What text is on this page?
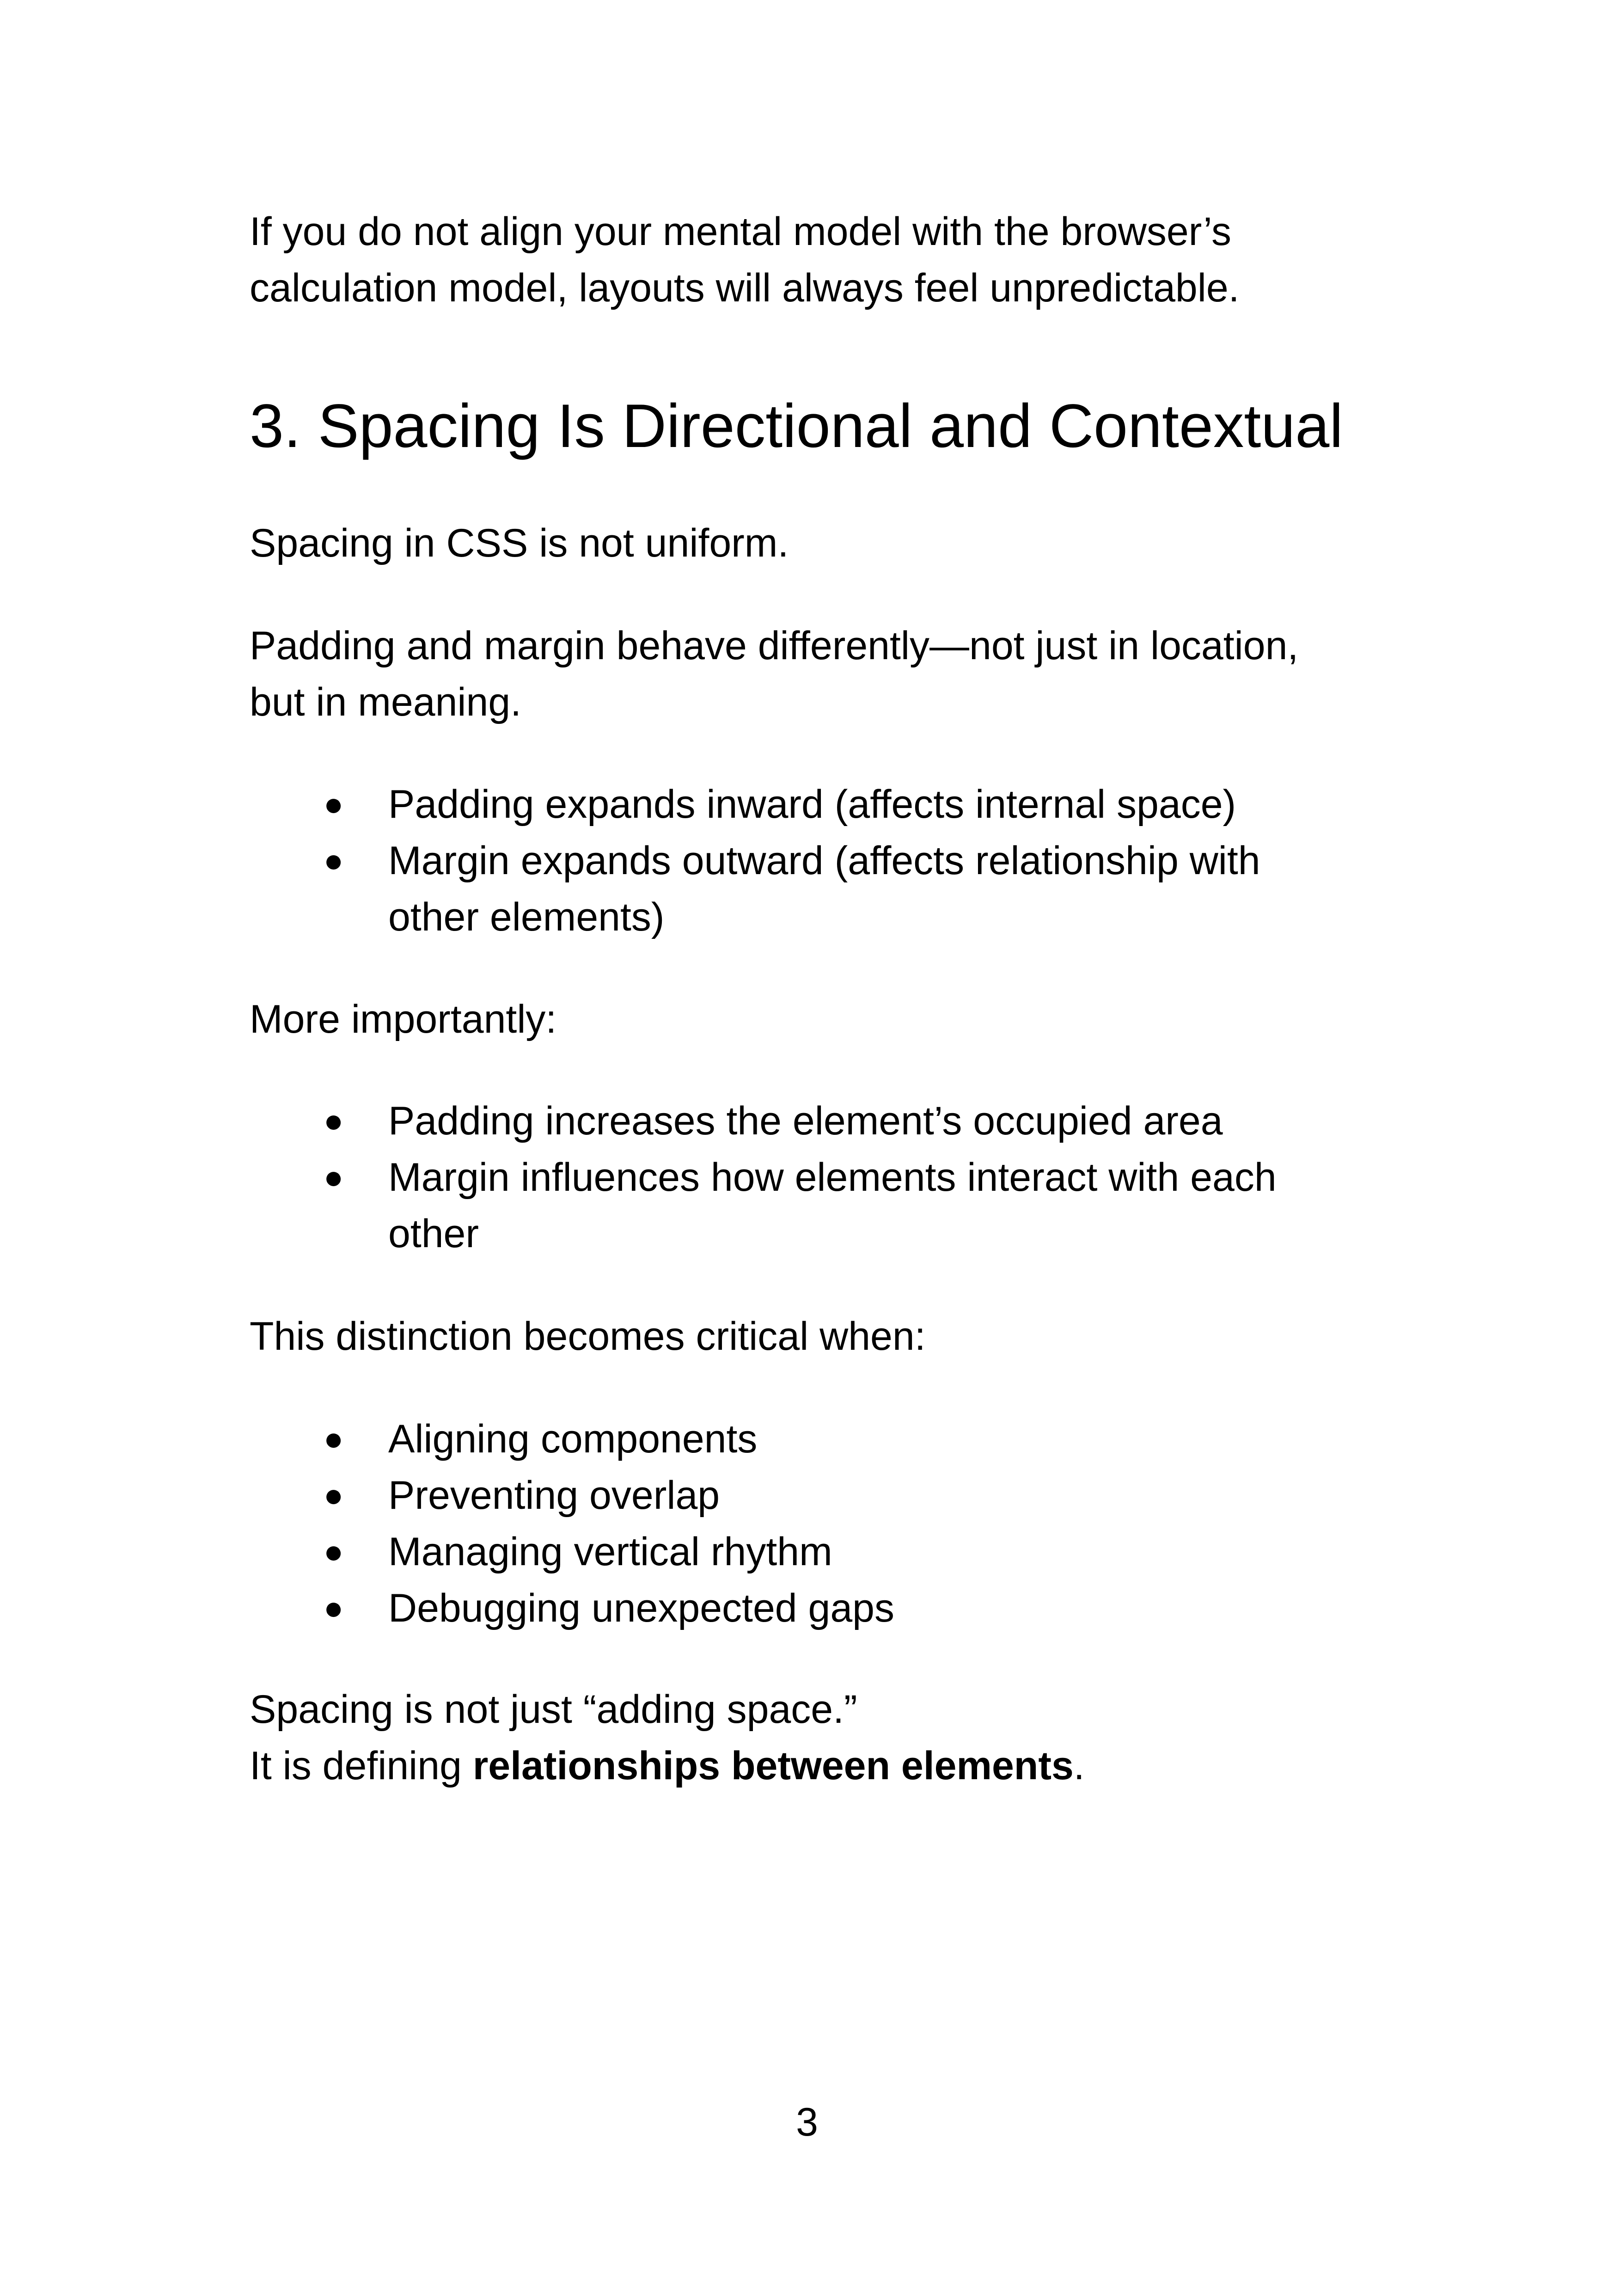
If you do not align your mental model with the browser’s

calculation model, layouts will always feel unpredictable.

3. Spacing Is Directional and Contextual

Spacing in CSS is not uniform.

Padding and margin behave differently—not just in location,

but in meaning.

● Padding expands inward (affects internal space)
● Margin expands outward (affects relationship with
other elements)

More importantly:

● Padding increases the element’s occupied area
● Margin influences how elements interact with each
other

This distinction becomes critical when:

● Aligning components
● Preventing overlap
● Managing vertical rhythm
● Debugging unexpected gaps

Spacing is not just “adding space.”

It is defining relationships between elements.

3
